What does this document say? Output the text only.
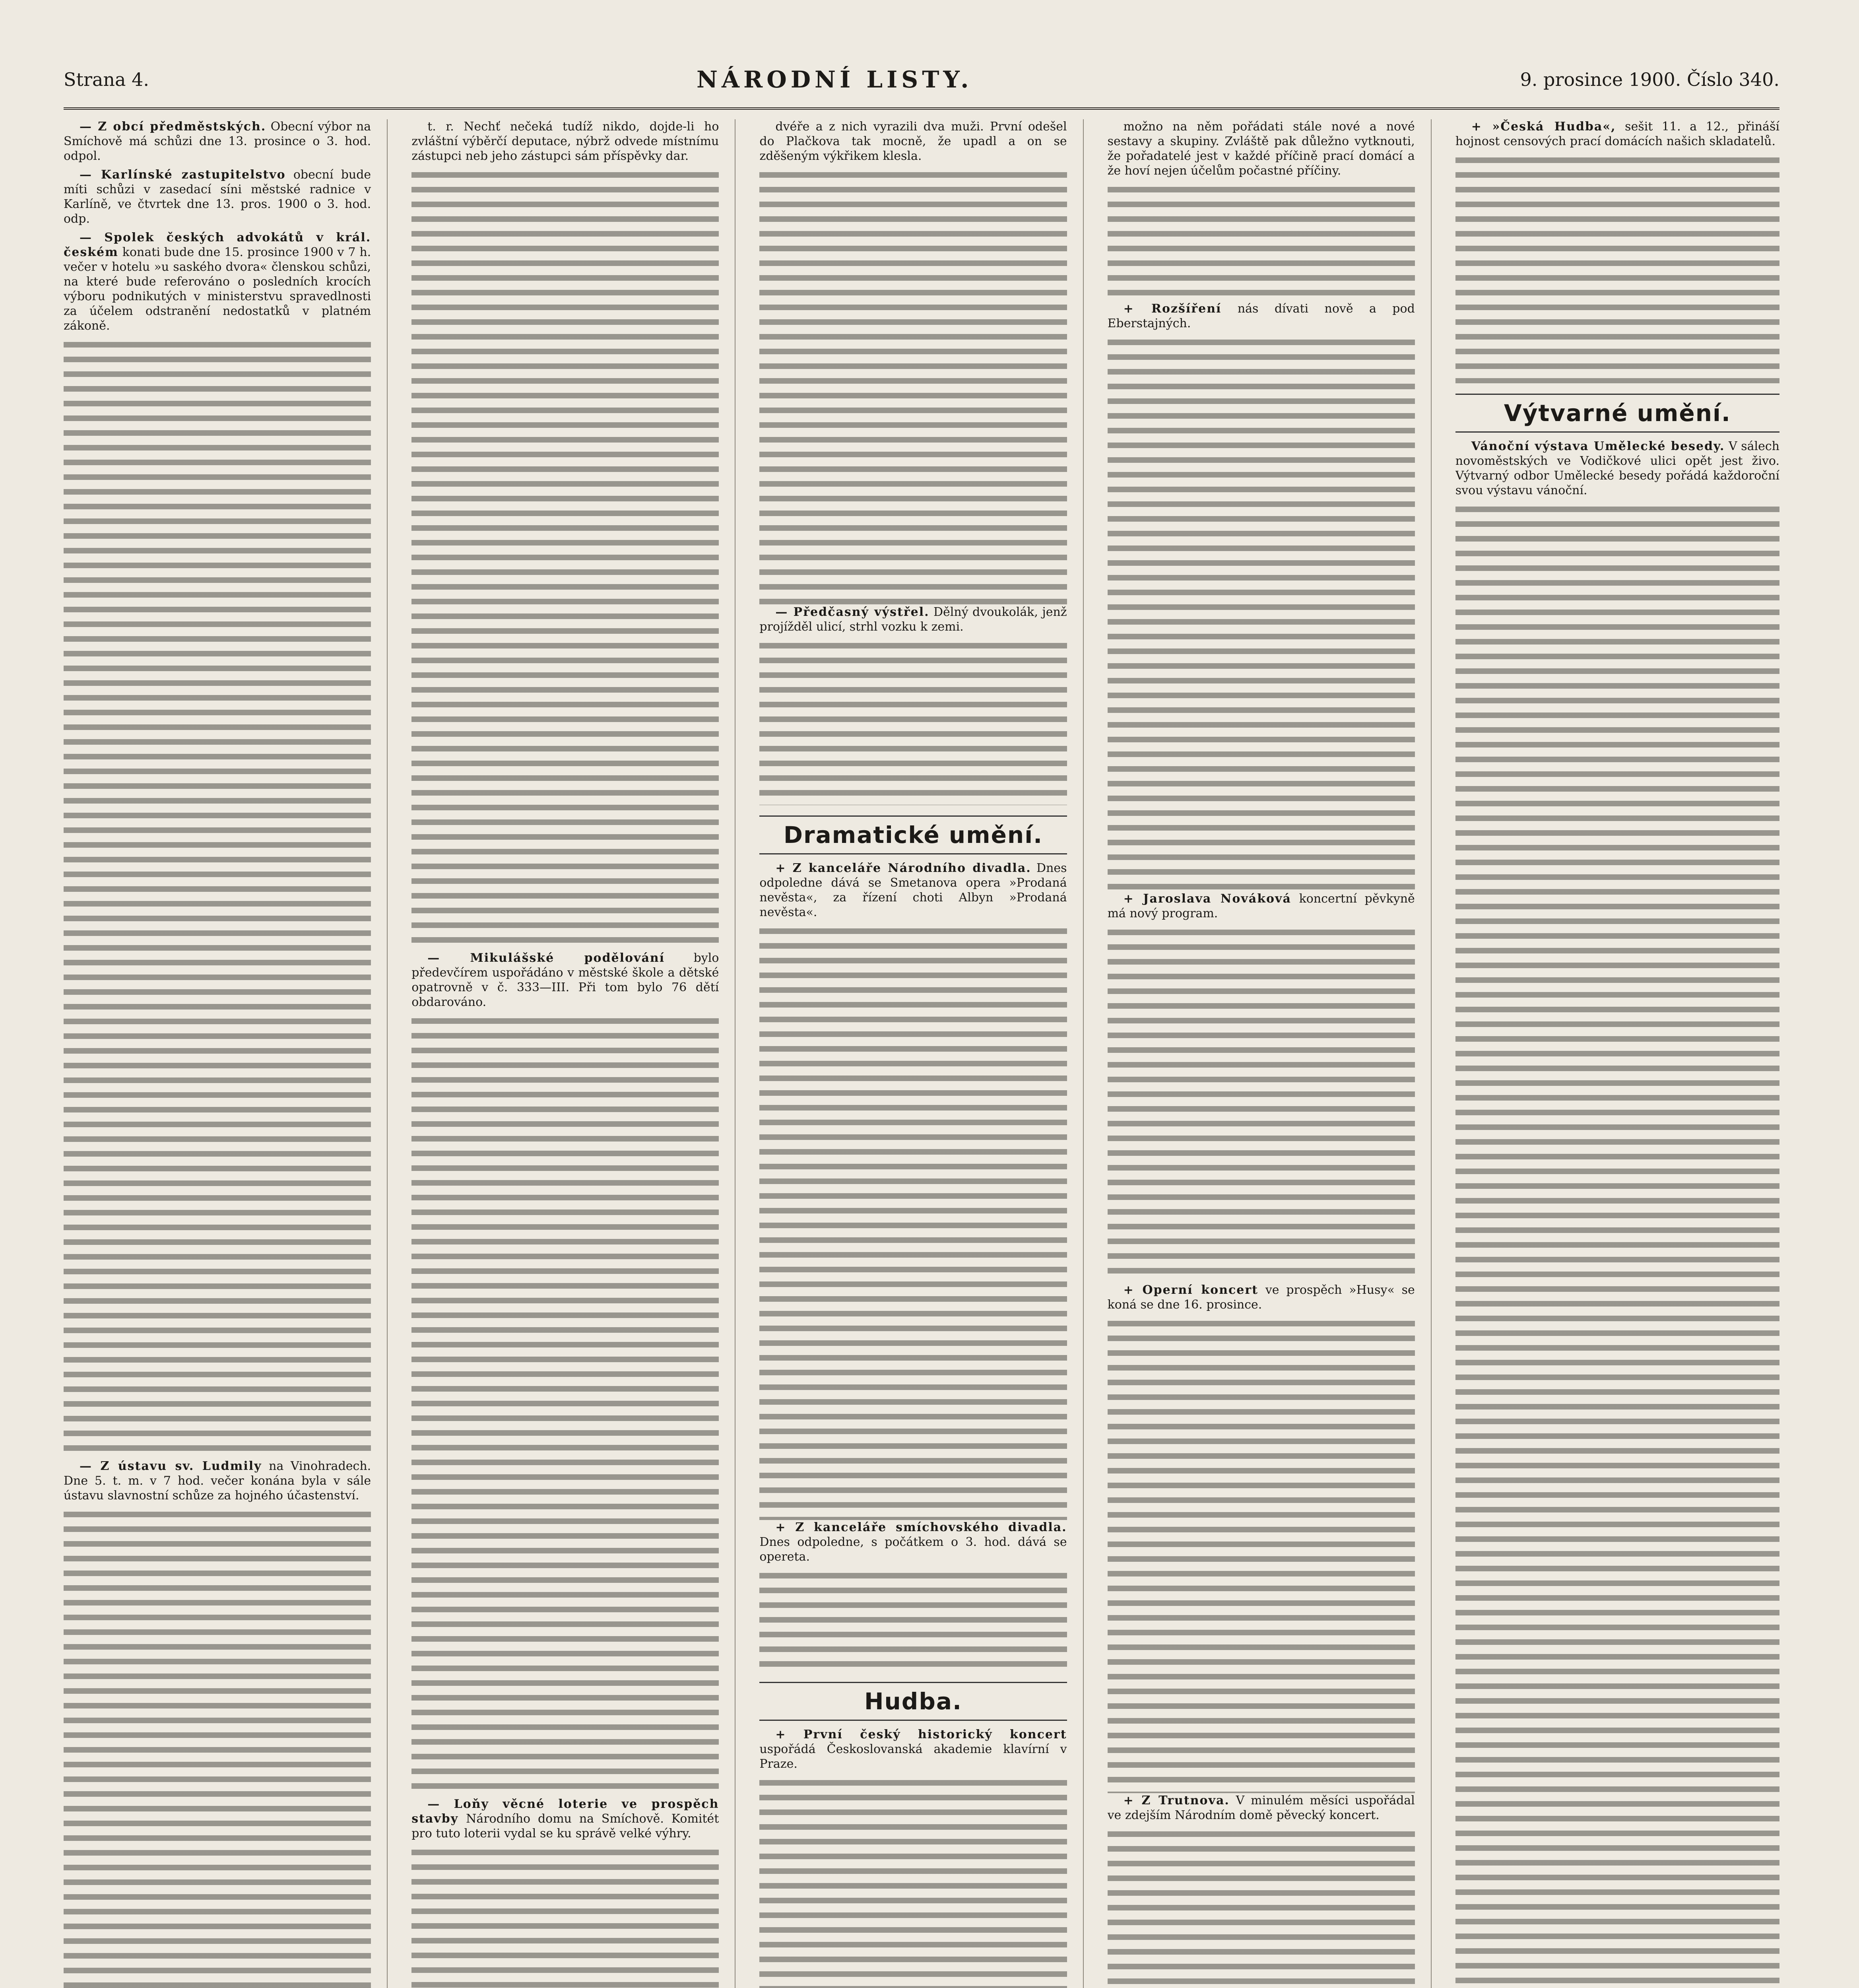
Strana 4.	NÁRODNÍ LISTY.	9. prosince 1900. Číslo 340.

— Z obcí předměstských. Obecní výbor na Smíchově má schůzi dne 13. prosince o 3. hod. odpol.

— Karlínské zastupitelstvo obecní bude míti schůzi v zasedací síni městské radnice v Karlíně, ve čtvrtek dne 13. pros. 1900 o 3. hod. odp.

— Spolek českých advokátů v král. českém konati bude dne 15. prosince 1900 v 7 h. večer v hotelu »u saského dvora« členskou schůzi, na které bude referováno o posledních krocích výboru podnikutých v ministerstvu spravedlnosti za účelem odstranění nedostatků v platném zákoně.

— Z ústavu sv. Ludmily na Vinohradech. Dne 5. t. m. v 7 hod. večer konána byla v sále ústavu slavnostní schůze za hojného účastenství.

t. r. Nechť nečeká tudíž nikdo, dojde-li ho zvláštní výběrčí deputace, nýbrž odvede místnímu zástupci neb jeho zástupci sám příspěvky dar.

— Mikulášské podělování bylo předevčírem uspořádáno v městské škole a dětské opatrovně v č. 333—III. Při tom bylo 76 dětí obdarováno.

— Loňy věcné loterie ve prospěch stavby Národního domu na Smíchově. Komitét pro tuto loterii vydal se ku správě velké výhry.

dvéře a z nich vyrazili dva muži. První odešel do Plačkova tak mocně, že upadl a on se zděšeným výkřikem klesla.

— Předčasný výstřel. Dělný dvoukolák, jenž projížděl ulicí, strhl vozku k zemi.

Dramatické umění.

+ Z kanceláře Národního divadla. Dnes odpoledne dává se Smetanova opera »Prodaná nevěsta«, za řízení choti Albyn »Prodaná nevěsta«.

+ Z kanceláře smíchovského divadla. Dnes odpoledne, s počátkem o 3. hod. dává se opereta.

Hudba.

+ První český historický koncert uspořádá Českoslovanská akademie klavírní v Praze.

možno na něm pořádati stále nové a nové sestavy a skupiny. Zvláště pak důležno vytknouti, že pořadatelé jest v každé příčině prací domácí a že hoví nejen účelům počastné příčiny.

+ Rozšíření nás dívati nově a pod Eberstajných.

+ Jaroslava Nováková koncertní pěvkyně má nový program.

+ Operní koncert ve prospěch »Husy« se koná se dne 16. prosince.

+ Z Trutnova. V minulém měsíci uspořádal ve zdejším Národním domě pěvecký koncert.

+ »Česká Hudba«, sešit 11. a 12., přináší hojnost censových prací domácích našich skladatelů.

Výtvarné umění.

Vánoční výstava Umělecké besedy. V sálech novoměstských ve Vodičkové ulici opět jest živo. Výtvarný odbor Umělecké besedy pořádá každoroční svou výstavu vánoční.
